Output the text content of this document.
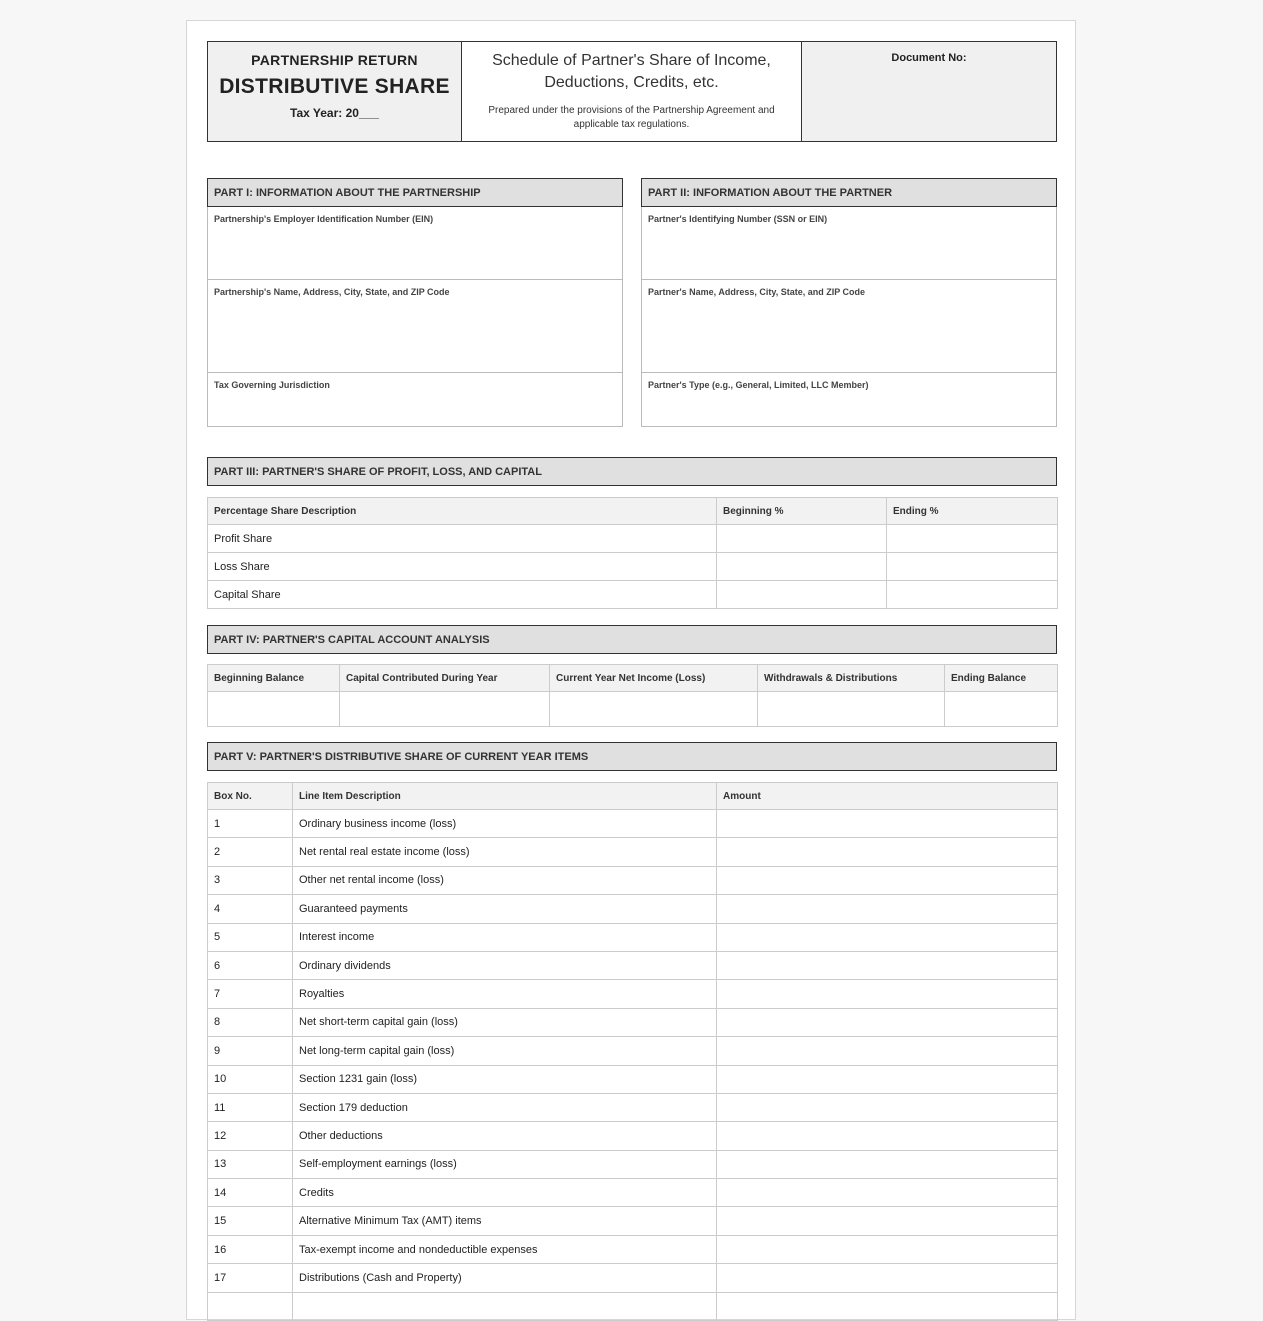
PARTNERSHIP RETURN
DISTRIBUTIVE SHARE
Tax Year: 20___
Schedule of Partner's Share of Income, Deductions, Credits, etc.
Prepared under the provisions of the Partnership Agreement and applicable tax regulations.
Document No:
PART I: INFORMATION ABOUT THE PARTNERSHIP
Partnership's Employer Identification Number (EIN)
Partnership's Name, Address, City, State, and ZIP Code
Tax Governing Jurisdiction
PART II: INFORMATION ABOUT THE PARTNER
Partner's Identifying Number (SSN or EIN)
Partner's Name, Address, City, State, and ZIP Code
Partner's Type (e.g., General, Limited, LLC Member)
PART III: PARTNER'S SHARE OF PROFIT, LOSS, AND CAPITAL
Percentage Share Description	Beginning %	Ending %
Profit Share		
Loss Share		
Capital Share		
PART IV: PARTNER'S CAPITAL ACCOUNT ANALYSIS
Beginning Balance	Capital Contributed During Year	Current Year Net Income (Loss)	Withdrawals & Distributions	Ending Balance

PART V: PARTNER'S DISTRIBUTIVE SHARE OF CURRENT YEAR ITEMS
Box No.	Line Item Description	Amount
1	Ordinary business income (loss)	
2	Net rental real estate income (loss)	
3	Other net rental income (loss)	
4	Guaranteed payments	
5	Interest income	
6	Ordinary dividends	
7	Royalties	
8	Net short-term capital gain (loss)	
9	Net long-term capital gain (loss)	
10	Section 1231 gain (loss)	
11	Section 179 deduction	
12	Other deductions	
13	Self-employment earnings (loss)	
14	Credits	
15	Alternative Minimum Tax (AMT) items	
16	Tax-exempt income and nondeductible expenses	
17	Distributions (Cash and Property)	
